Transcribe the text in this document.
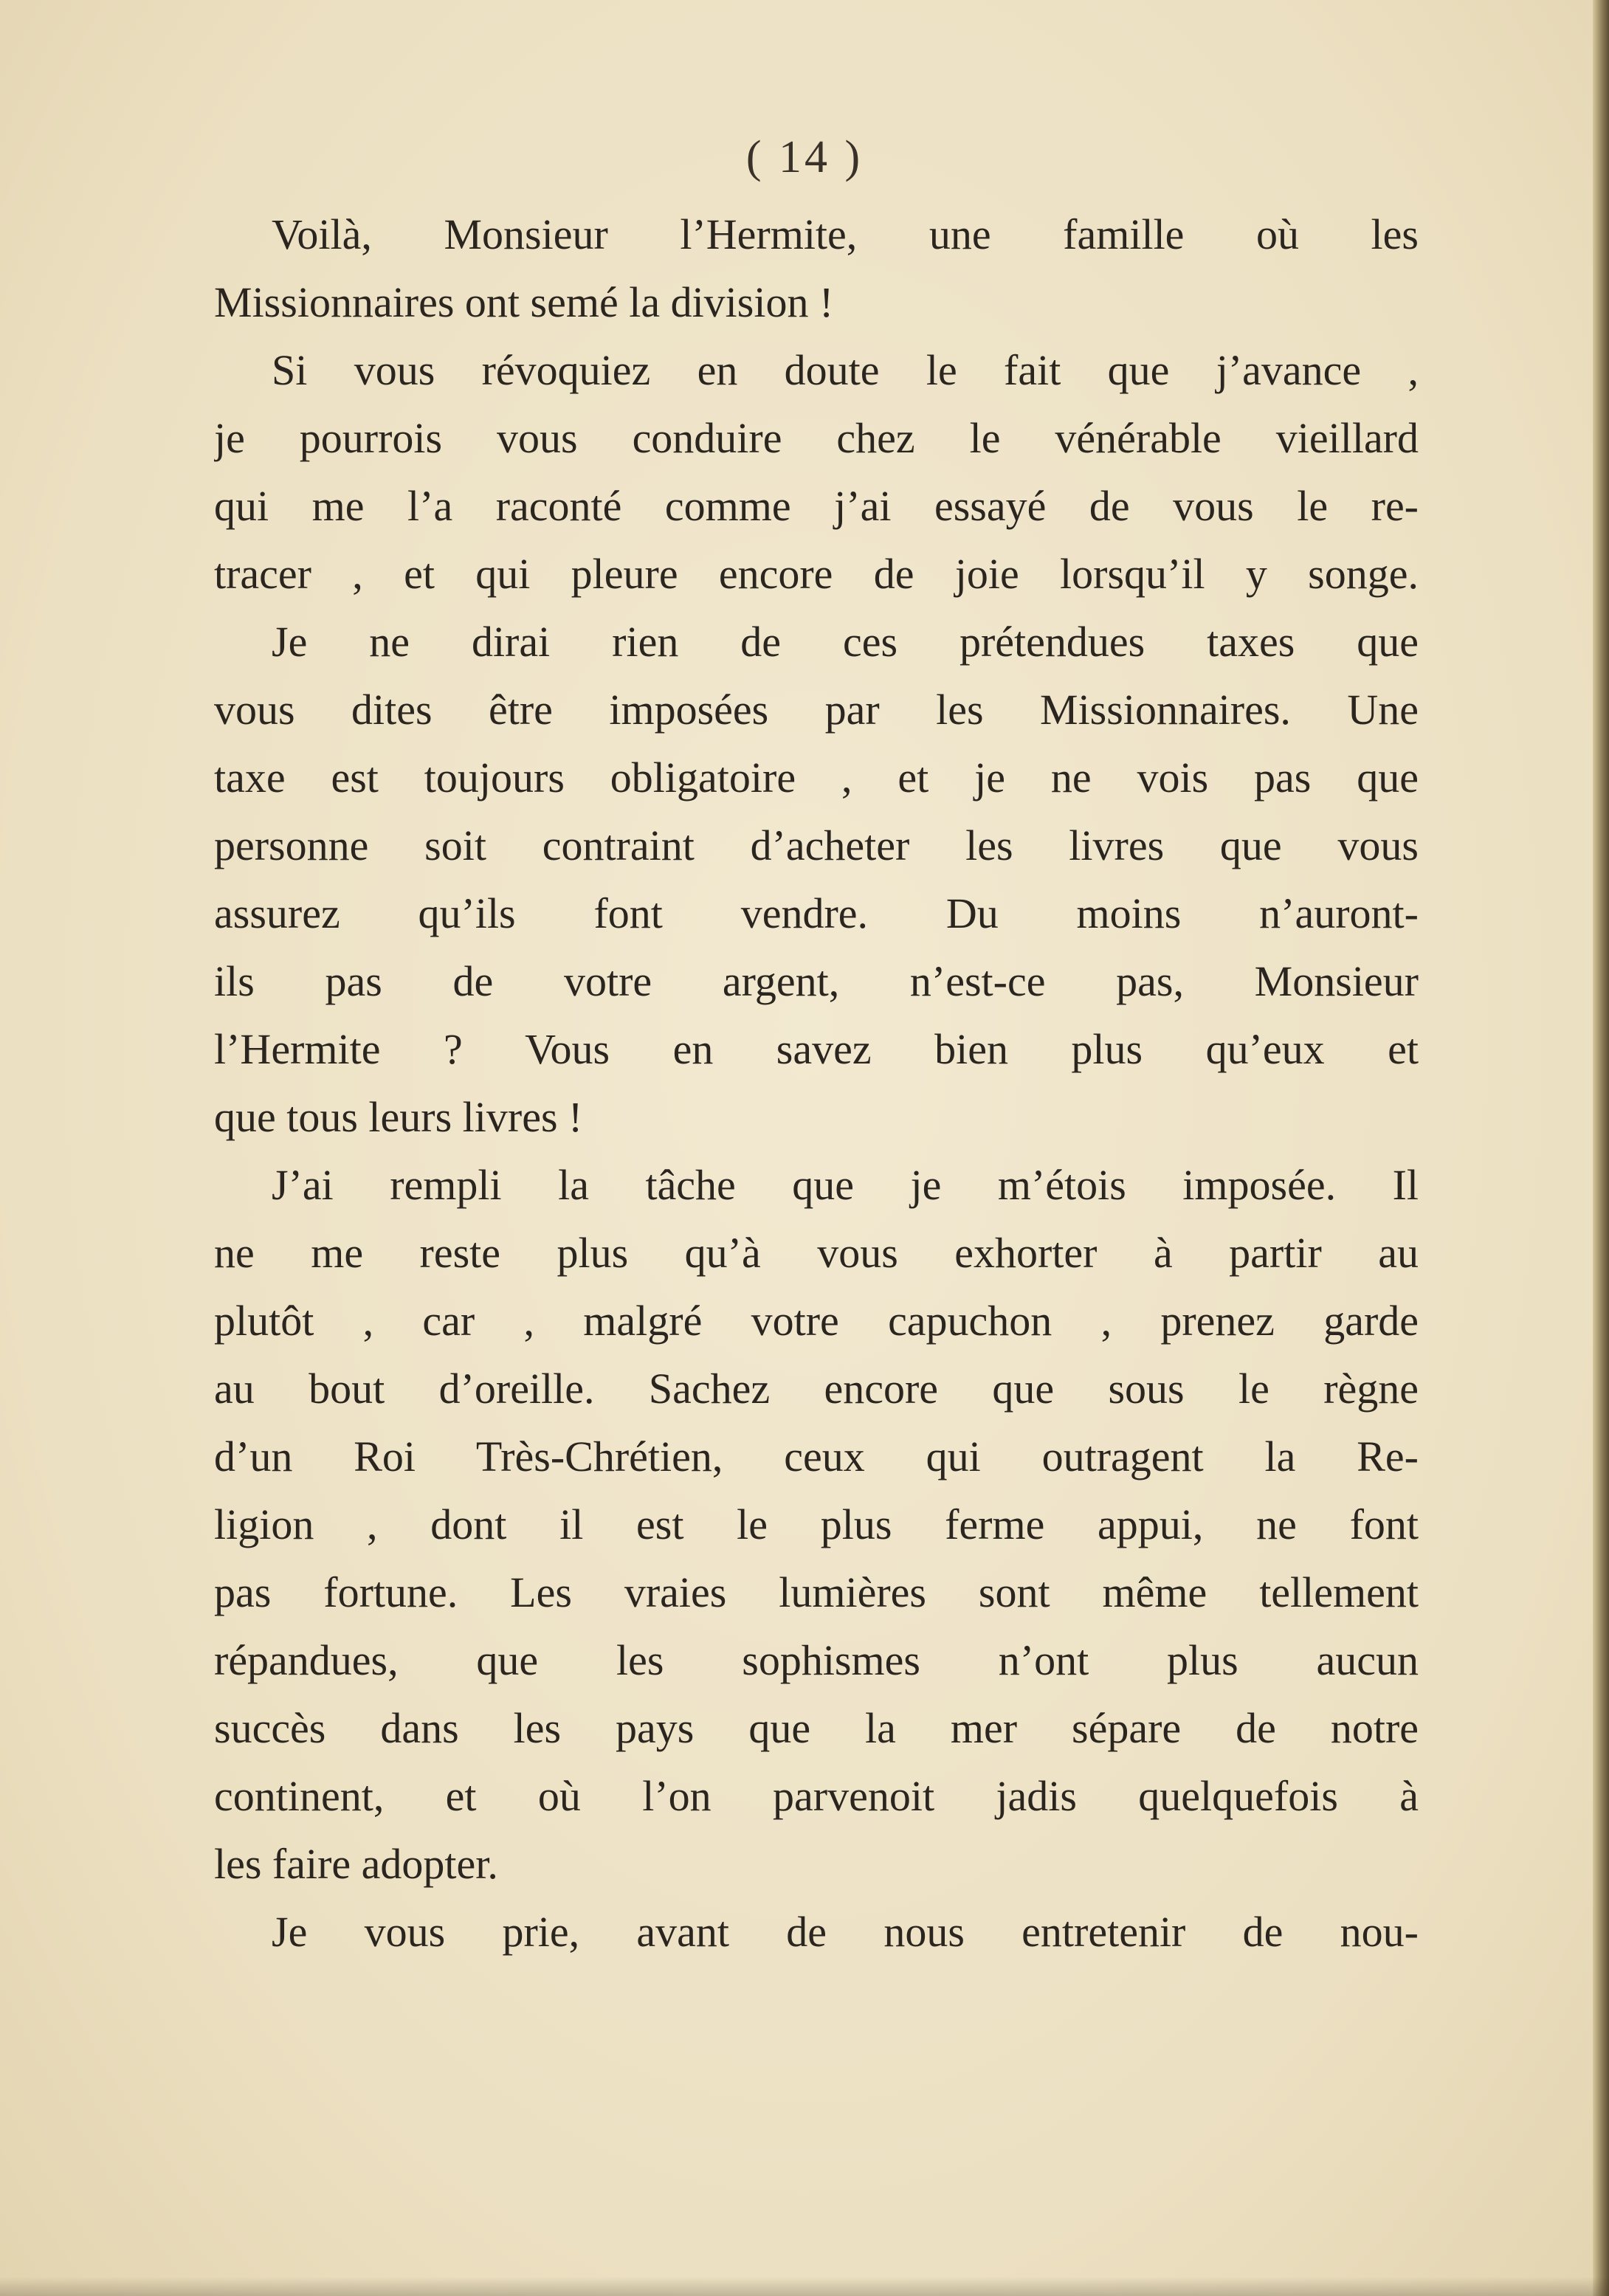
( 14 )
Voilà, Monsieur l’Hermite, une famille où les
Missionnaires ont semé la division !
Si vous révoquiez en doute le fait que j’avance ,
je pourrois vous conduire chez le vénérable vieillard
qui me l’a raconté comme j’ai essayé de vous le re-
tracer , et qui pleure encore de joie lorsqu’il y songe.
Je ne dirai rien de ces prétendues taxes que
vous dites être imposées par les Missionnaires. Une
taxe est toujours obligatoire , et je ne vois pas que
personne soit contraint d’acheter les livres que vous
assurez qu’ils font vendre. Du moins n’auront-
ils pas de votre argent, n’est-ce pas, Monsieur
l’Hermite ? Vous en savez bien plus qu’eux et
que tous leurs livres !
J’ai rempli la tâche que je m’étois imposée. Il
ne me reste plus qu’à vous exhorter à partir au
plutôt , car , malgré votre capuchon , prenez garde
au bout d’oreille. Sachez encore que sous le règne
d’un Roi Très-Chrétien, ceux qui outragent la Re-
ligion , dont il est le plus ferme appui, ne font
pas fortune. Les vraies lumières sont même tellement
répandues, que les sophismes n’ont plus aucun
succès dans les pays que la mer sépare de notre
continent, et où l’on parvenoit jadis quelquefois à
les faire adopter.
Je vous prie, avant de nous entretenir de nou-
